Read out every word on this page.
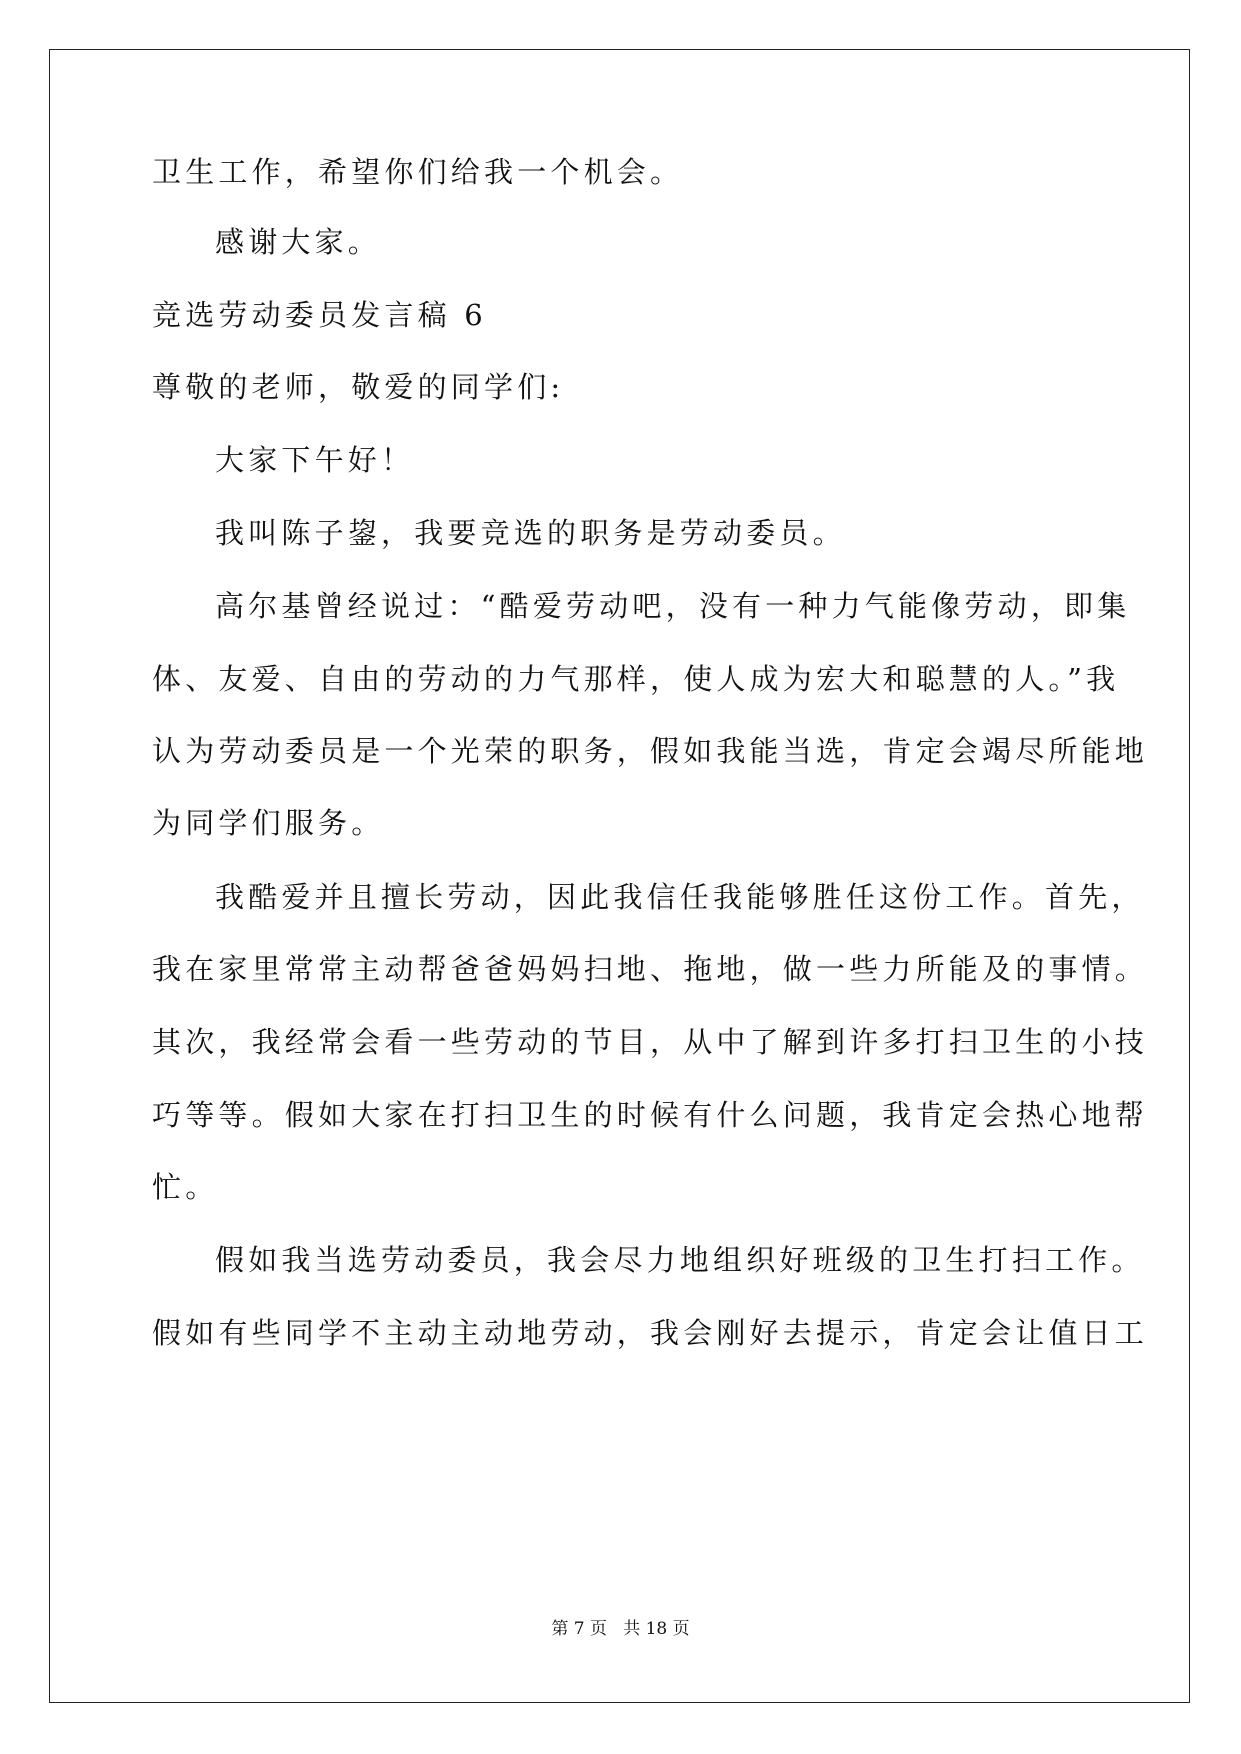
卫生工作，希望你们给我一个机会。
感谢大家。
竞选劳动委员发言稿 6
尊敬的老师，敬爱的同学们:
大家下午好！
我叫陈子鋆，我要竞选的职务是劳动委员。
高尔基曾经说过：“酷爱劳动吧，没有一种力气能像劳动，即集
体、友爱、自由的劳动的力气那样，使人成为宏大和聪慧的人。”我
认为劳动委员是一个光荣的职务，假如我能当选，肯定会竭尽所能地
为同学们服务。
我酷爱并且擅长劳动，因此我信任我能够胜任这份工作。首先，
我在家里常常主动帮爸爸妈妈扫地、拖地，做一些力所能及的事情。
其次，我经常会看一些劳动的节目，从中了解到许多打扫卫生的小技
巧等等。假如大家在打扫卫生的时候有什么问题，我肯定会热心地帮
忙。
假如我当选劳动委员，我会尽力地组织好班级的卫生打扫工作。
假如有些同学不主动主动地劳动，我会刚好去提示，肯定会让值日工
第 7 页   共 18 页
